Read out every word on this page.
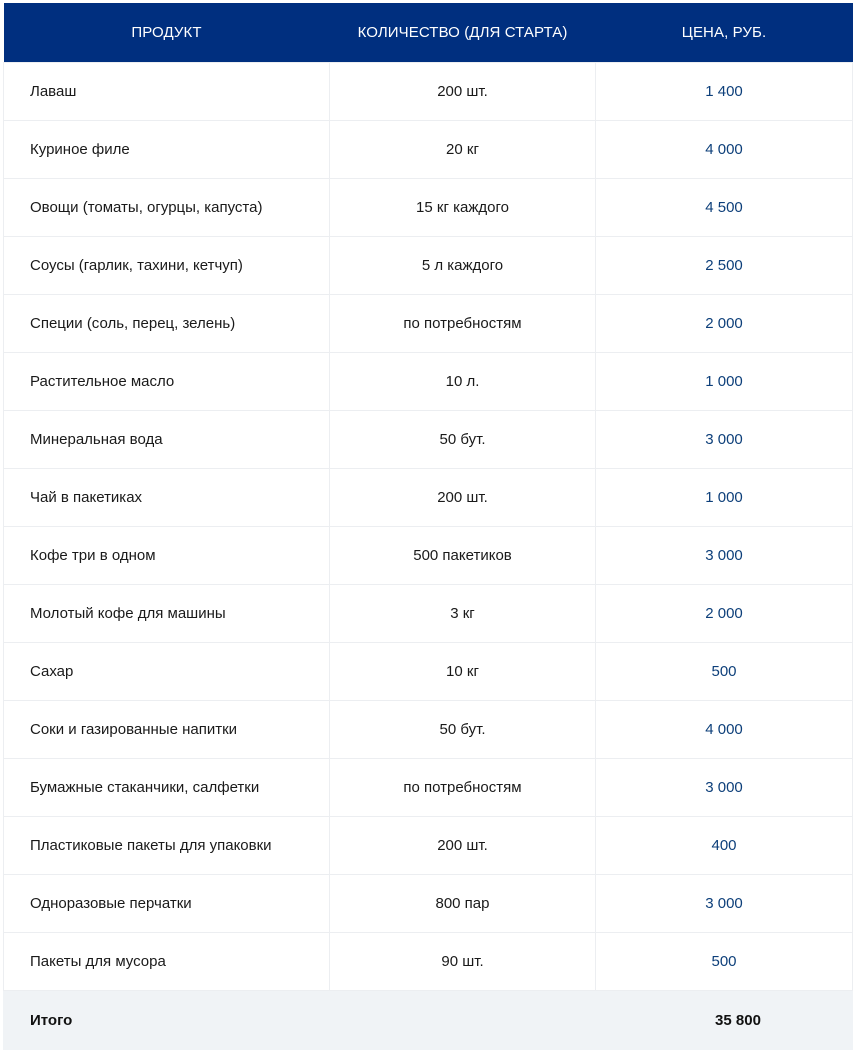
ПРОДУКТ	КОЛИЧЕСТВО (ДЛЯ СТАРТА)	ЦЕНА, РУБ.
Лаваш	200 шт.	1 400
Куриное филе	20 кг	4 000
Овощи (томаты, огурцы, капуста)	15 кг каждого	4 500
Соусы (гарлик, тахини, кетчуп)	5 л каждого	2 500
Специи (соль, перец, зелень)	по потребностям	2 000
Растительное масло	10 л.	1 000
Минеральная вода	50 бут.	3 000
Чай в пакетиках	200 шт.	1 000
Кофе три в одном	500 пакетиков	3 000
Молотый кофе для машины	3 кг	2 000
Сахар	10 кг	500
Соки и газированные напитки	50 бут.	4 000
Бумажные стаканчики, салфетки	по потребностям	3 000
Пластиковые пакеты для упаковки	200 шт.	400
Одноразовые перчатки	800 пар	3 000
Пакеты для мусора	90 шт.	500
Итого		35 800
